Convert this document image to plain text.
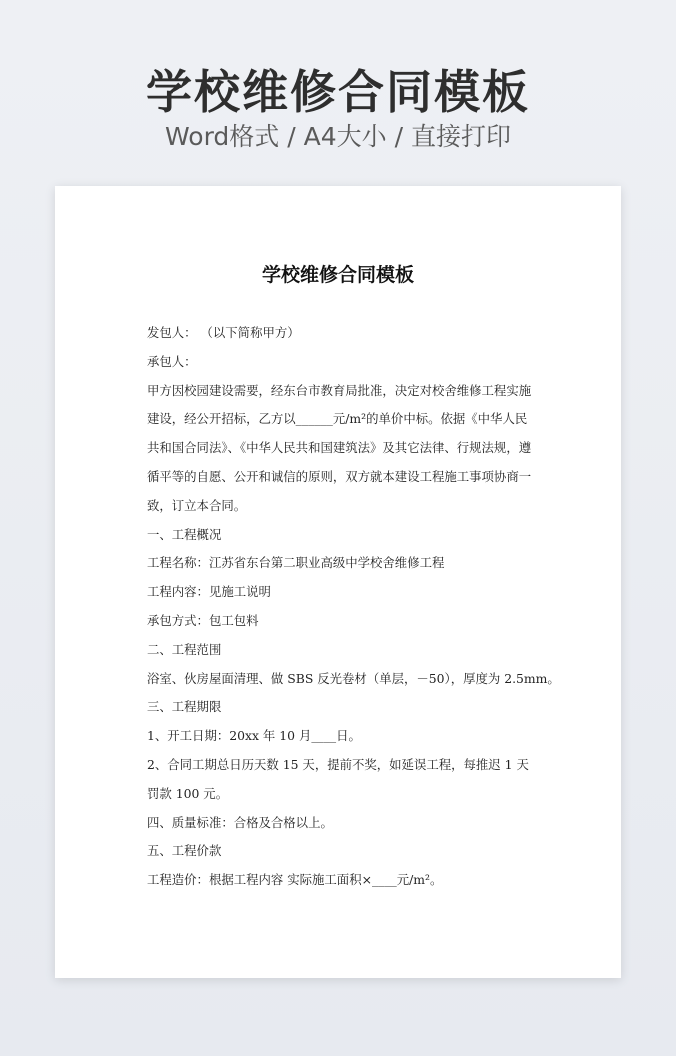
学校维修合同模板
Word格式 / A4大小 / 直接打印
学校维修合同模板

发包人： （以下简称甲方）

承包人：

甲方因校园建设需要，经东台市教育局批准，决定对校舍维修工程实施建设，经公开招标，乙方以______元/m²的单价中标。依据《中华人民共和国合同法》、《中华人民共和国建筑法》及其它法律、行规法规，遵循平等的自愿、公开和诚信的原则，双方就本建设工程施工事项协商一致，订立本合同。

一、工程概况

工程名称：江苏省东台第二职业高级中学校舍维修工程

工程内容：见施工说明

承包方式：包工包料

二、工程范围

浴室、伙房屋面清理、做 SBS 反光卷材（单层，－50），厚度为 2.5mm。

三、工程期限

1、开工日期：20xx 年 10 月____日。

2、合同工期总日历天数 15 天，提前不奖，如延误工程，每推迟 1 天罚款 100 元。

四、质量标准：合格及合格以上。

五、工程价款

工程造价：根据工程内容 实际施工面积×____元/m²。
